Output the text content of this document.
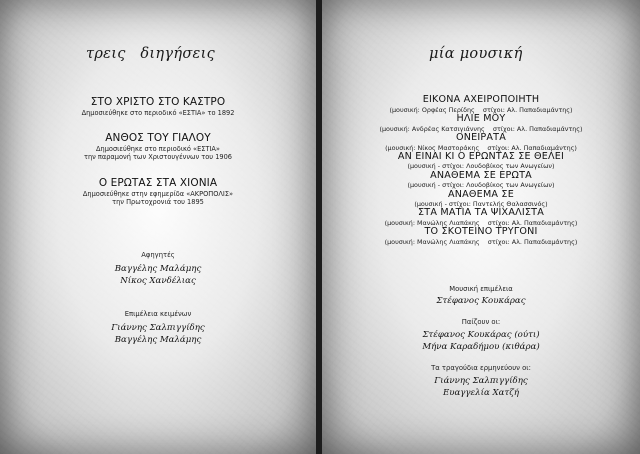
τρεις   διηγήσεις
ΣΤΟ ΧΡΙΣΤΟ ΣΤΟ ΚΑΣΤΡΟ
Δημοσιεύθηκε στο περιοδικό «ΕΣΤΙΑ» το 1892
ΑΝΘΟΣ ΤΟΥ ΓΙΑΛΟΥ
Δημοσιεύθηκε στο περιοδικό «ΕΣΤΙΑ»
την παραμονή των Χριστουγέννων του 1906
Ο ΕΡΩΤΑΣ ΣΤΑ ΧΙΟΝΙΑ
Δημοσιεύθηκε στην εφημερίδα «ΑΚΡΟΠΟΛΙΣ»
την Πρωτοχρονιά του 1895
Αφηγητές
Βαγγέλης Μαλάμης
Νίκος Χανδέλιας
Επιμέλεια κειμένων
Γιάννης Σαλπιγγίδης
Βαγγέλης Μαλάμης
μία μουσική
ΕΙΚΟΝΑ ΑΧΕΙΡΟΠΟΙΗΤΗ
(μουσική: Ορφέας Περίδης    στίχοι: Αλ. Παπαδιαμάντης)
ΗΛΙΕ ΜΟΥ
(μουσική: Ανδρέας Κατσιγιάννης    στίχοι: Αλ. Παπαδιαμάντης)
ΟΝΕΙΡΑΤΑ
(μουσική: Νίκος Μαστοράκης    στίχοι: Αλ. Παπαδιαμάντης)
ΑΝ ΕΙΝΑΙ ΚΙ Ο ΕΡΩΝΤΑΣ ΣΕ ΘΕΛΕΙ
(μουσική - στίχοι: Λουδοβίκος των Ανωγείων)
ΑΝΑΘΕΜΑ ΣΕ ΕΡΩΤΑ
(μουσική - στίχοι: Λουδοβίκος των Ανωγείων)
ΑΝΑΘΕΜΑ ΣΕ
(μουσική - στίχοι: Παντελής Θαλασσινός)
ΣΤΑ ΜΑΤΙΑ ΤΑ ΨΙΧΑΛΙΣΤΑ
(μουσική: Μανώλης Λιαπάκης    στίχοι: Αλ. Παπαδιαμάντης)
ΤΟ ΣΚΟΤΕΙΝΟ ΤΡΥΓΟΝΙ
(μουσική: Μανώλης Λιαπάκης    στίχοι: Αλ. Παπαδιαμάντης)
Μουσική επιμέλεια
Στέφανος Κουκάρας
Παίζουν οι:
Στέφανος Κουκάρας (ούτι)
Μήνα Καραδήμου (κιθάρα)
Τα τραγούδια ερμηνεύουν οι:
Γιάννης Σαλπιγγίδης
Ευαγγελία Χατζή
